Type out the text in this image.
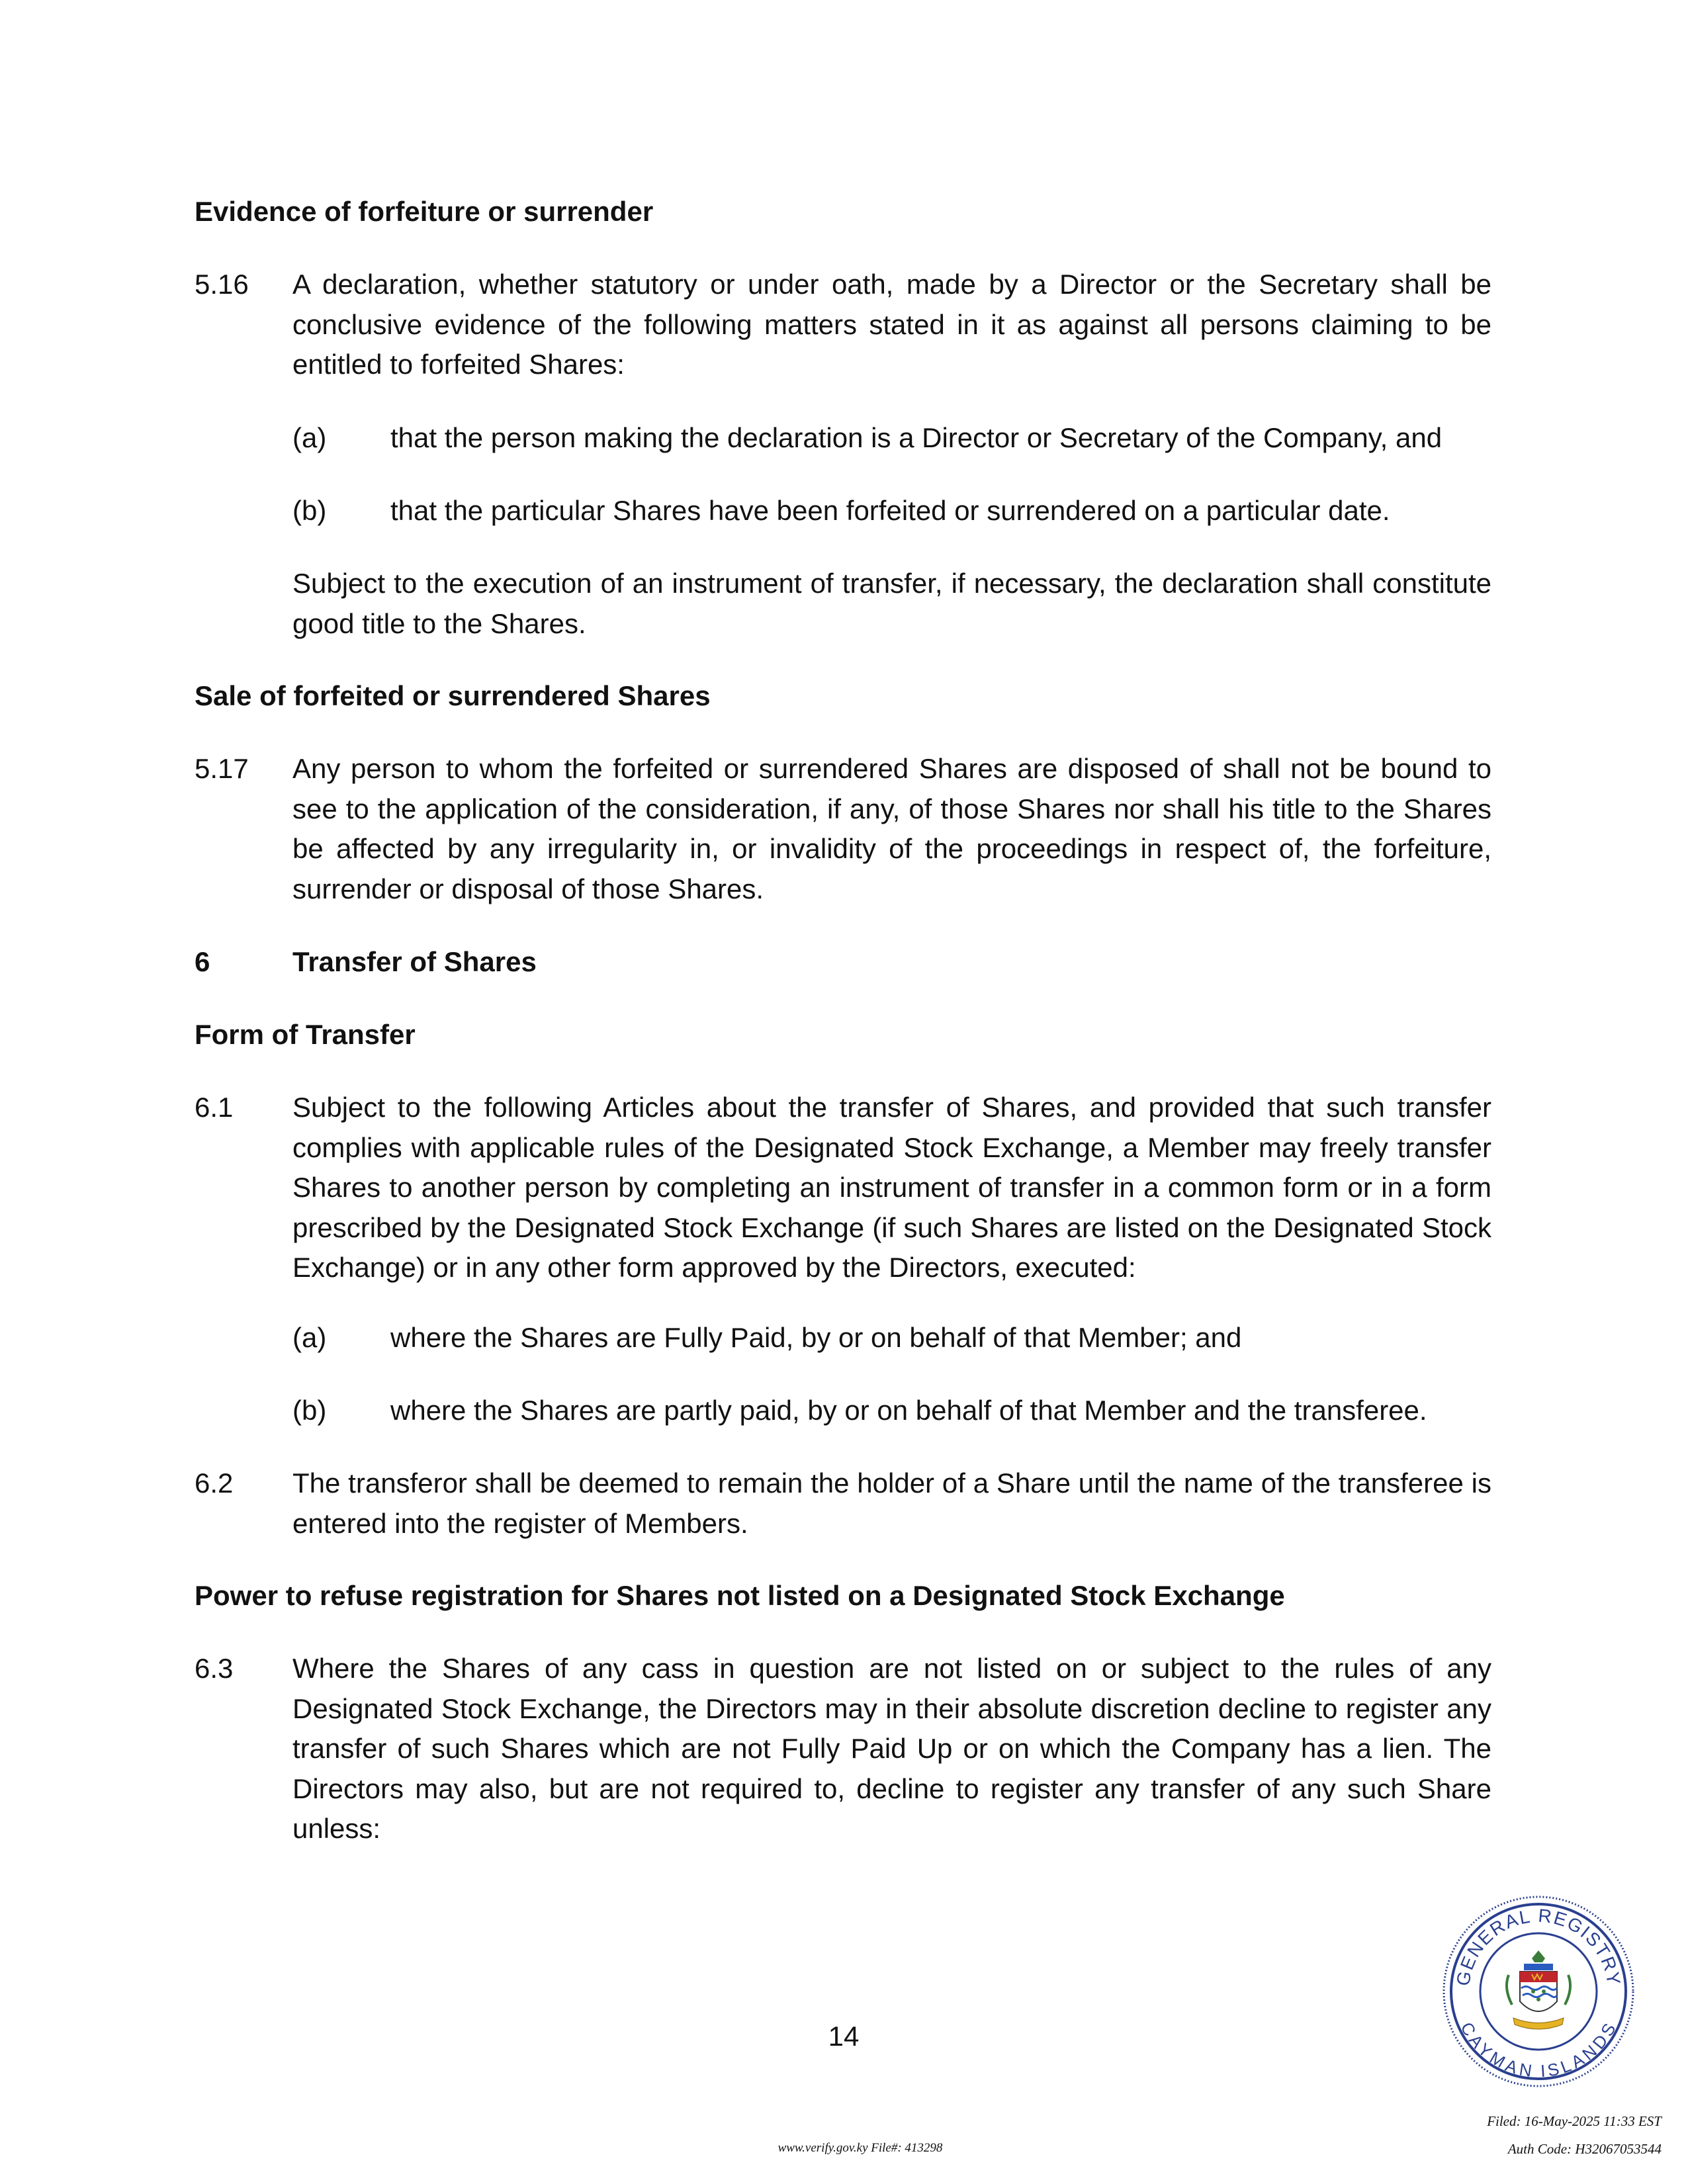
Evidence of forfeiture or surrender
5.16 A declaration, whether statutory or under oath, made by a Director or the Secretary shall be conclusive evidence of the following matters stated in it as against all persons claiming to be entitled to forfeited Shares:
(a) that the person making the declaration is a Director or Secretary of the Company, and
(b) that the particular Shares have been forfeited or surrendered on a particular date.
Subject to the execution of an instrument of transfer, if necessary, the declaration shall constitute good title to the Shares.
Sale of forfeited or surrendered Shares
5.17 Any person to whom the forfeited or surrendered Shares are disposed of shall not be bound to see to the application of the consideration, if any, of those Shares nor shall his title to the Shares be affected by any irregularity in, or invalidity of the proceedings in respect of, the forfeiture, surrender or disposal of those Shares.
6	Transfer of Shares
Form of Transfer
6.1 Subject to the following Articles about the transfer of Shares, and provided that such transfer complies with applicable rules of the Designated Stock Exchange, a Member may freely transfer Shares to another person by completing an instrument of transfer in a common form or in a form prescribed by the Designated Stock Exchange (if such Shares are listed on the Designated Stock Exchange) or in any other form approved by the Directors, executed:
(a) where the Shares are Fully Paid, by or on behalf of that Member; and
(b) where the Shares are partly paid, by or on behalf of that Member and the transferee.
6.2 The transferor shall be deemed to remain the holder of a Share until the name of the transferee is entered into the register of Members.
Power to refuse registration for Shares not listed on a Designated Stock Exchange
6.3 Where the Shares of any cass in question are not listed on or subject to the rules of any Designated Stock Exchange, the Directors may in their absolute discretion decline to register any transfer of such Shares which are not Fully Paid Up or on which the Company has a lien. The Directors may also, but are not required to, decline to register any transfer of any such Share unless:
14
GENERAL REGISTRY
CAYMAN ISLANDS
Filed: 16-May-2025 11:33 EST
www.verify.gov.ky File#: 413298	Auth Code: H32067053544
